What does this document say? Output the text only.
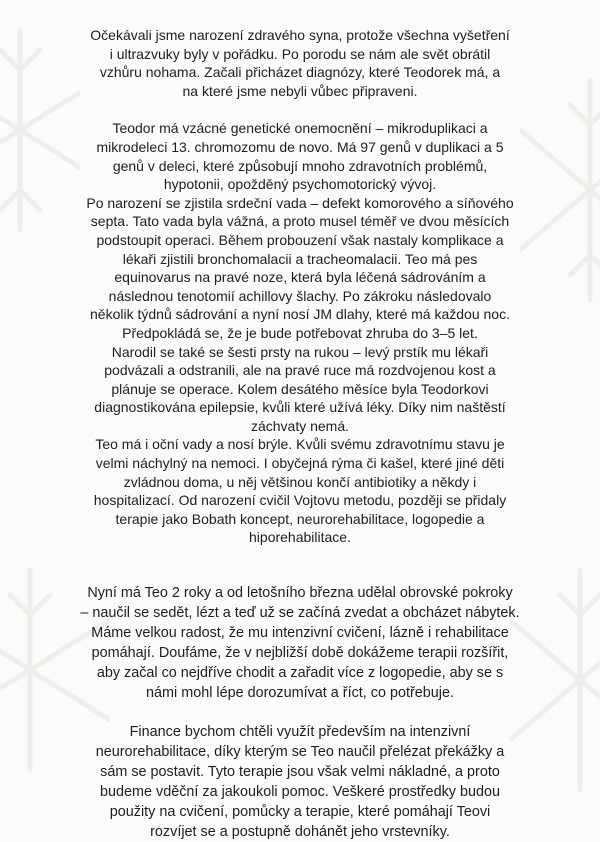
Očekávali jsme narození zdravého syna, protože všechna vyšetření
i ultrazvuky byly v pořádku. Po porodu se nám ale svět obrátil
vzhůru nohama. Začali přicházet diagnózy, které Teodorek má, a
na které jsme nebyli vůbec připraveni.

Teodor má vzácné genetické onemocnění – mikroduplikaci a
mikrodeleci 13. chromozomu de novo. Má 97 genů v duplikaci a 5
genů v deleci, které způsobují mnoho zdravotních problémů,
hypotonii, opožděný psychomotorický vývoj.
Po narození se zjistila srdeční vada – defekt komorového a síňového
septa. Tato vada byla vážná, a proto musel téměř ve dvou měsících
podstoupit operaci. Během probouzení však nastaly komplikace a
lékaři zjistili bronchomalacii a tracheomalacii. Teo má pes
equinovarus na pravé noze, která byla léčená sádrováním a
následnou tenotomií achillovy šlachy. Po zákroku následovalo
několik týdnů sádrování a nyní nosí JM dlahy, které má každou noc.
Předpokládá se, že je bude potřebovat zhruba do 3–5 let.
Narodil se také se šesti prsty na rukou – levý prstík mu lékaři
podvázali a odstranili, ale na pravé ruce má rozdvojenou kost a
plánuje se operace. Kolem desátého měsíce byla Teodorkovi
diagnostikována epilepsie, kvůli které užívá léky. Díky nim naštěstí
záchvaty nemá.
Teo má i oční vady a nosí brýle. Kvůli svému zdravotnímu stavu je
velmi náchylný na nemoci. I obyčejná rýma či kašel, které jiné děti
zvládnou doma, u něj většinou končí antibiotiky a někdy i
hospitalizací. Od narození cvičil Vojtovu metodu, později se přidaly
terapie jako Bobath koncept, neurorehabilitace, logopedie a
hiporehabilitace.

Nyní má Teo 2 roky a od letošního března udělal obrovské pokroky
– naučil se sedět, lézt a teď už se začíná zvedat a obcházet nábytek.
Máme velkou radost, že mu intenzivní cvičení, lázně i rehabilitace
pomáhají. Doufáme, že v nejbližší době dokážeme terapii rozšířit,
aby začal co nejdříve chodit a zařadit více z logopedie, aby se s
námi mohl lépe dorozumívat a říct, co potřebuje.

Finance bychom chtěli využít především na intenzivní
neurorehabilitace, díky kterým se Teo naučil přelézat překážky a
sám se postavit. Tyto terapie jsou však velmi nákladné, a proto
budeme vděční za jakoukoli pomoc. Veškeré prostředky budou
použity na cvičení, pomůcky a terapie, které pomáhají Teovi
rozvíjet se a postupně dohánět jeho vrstevníky.
